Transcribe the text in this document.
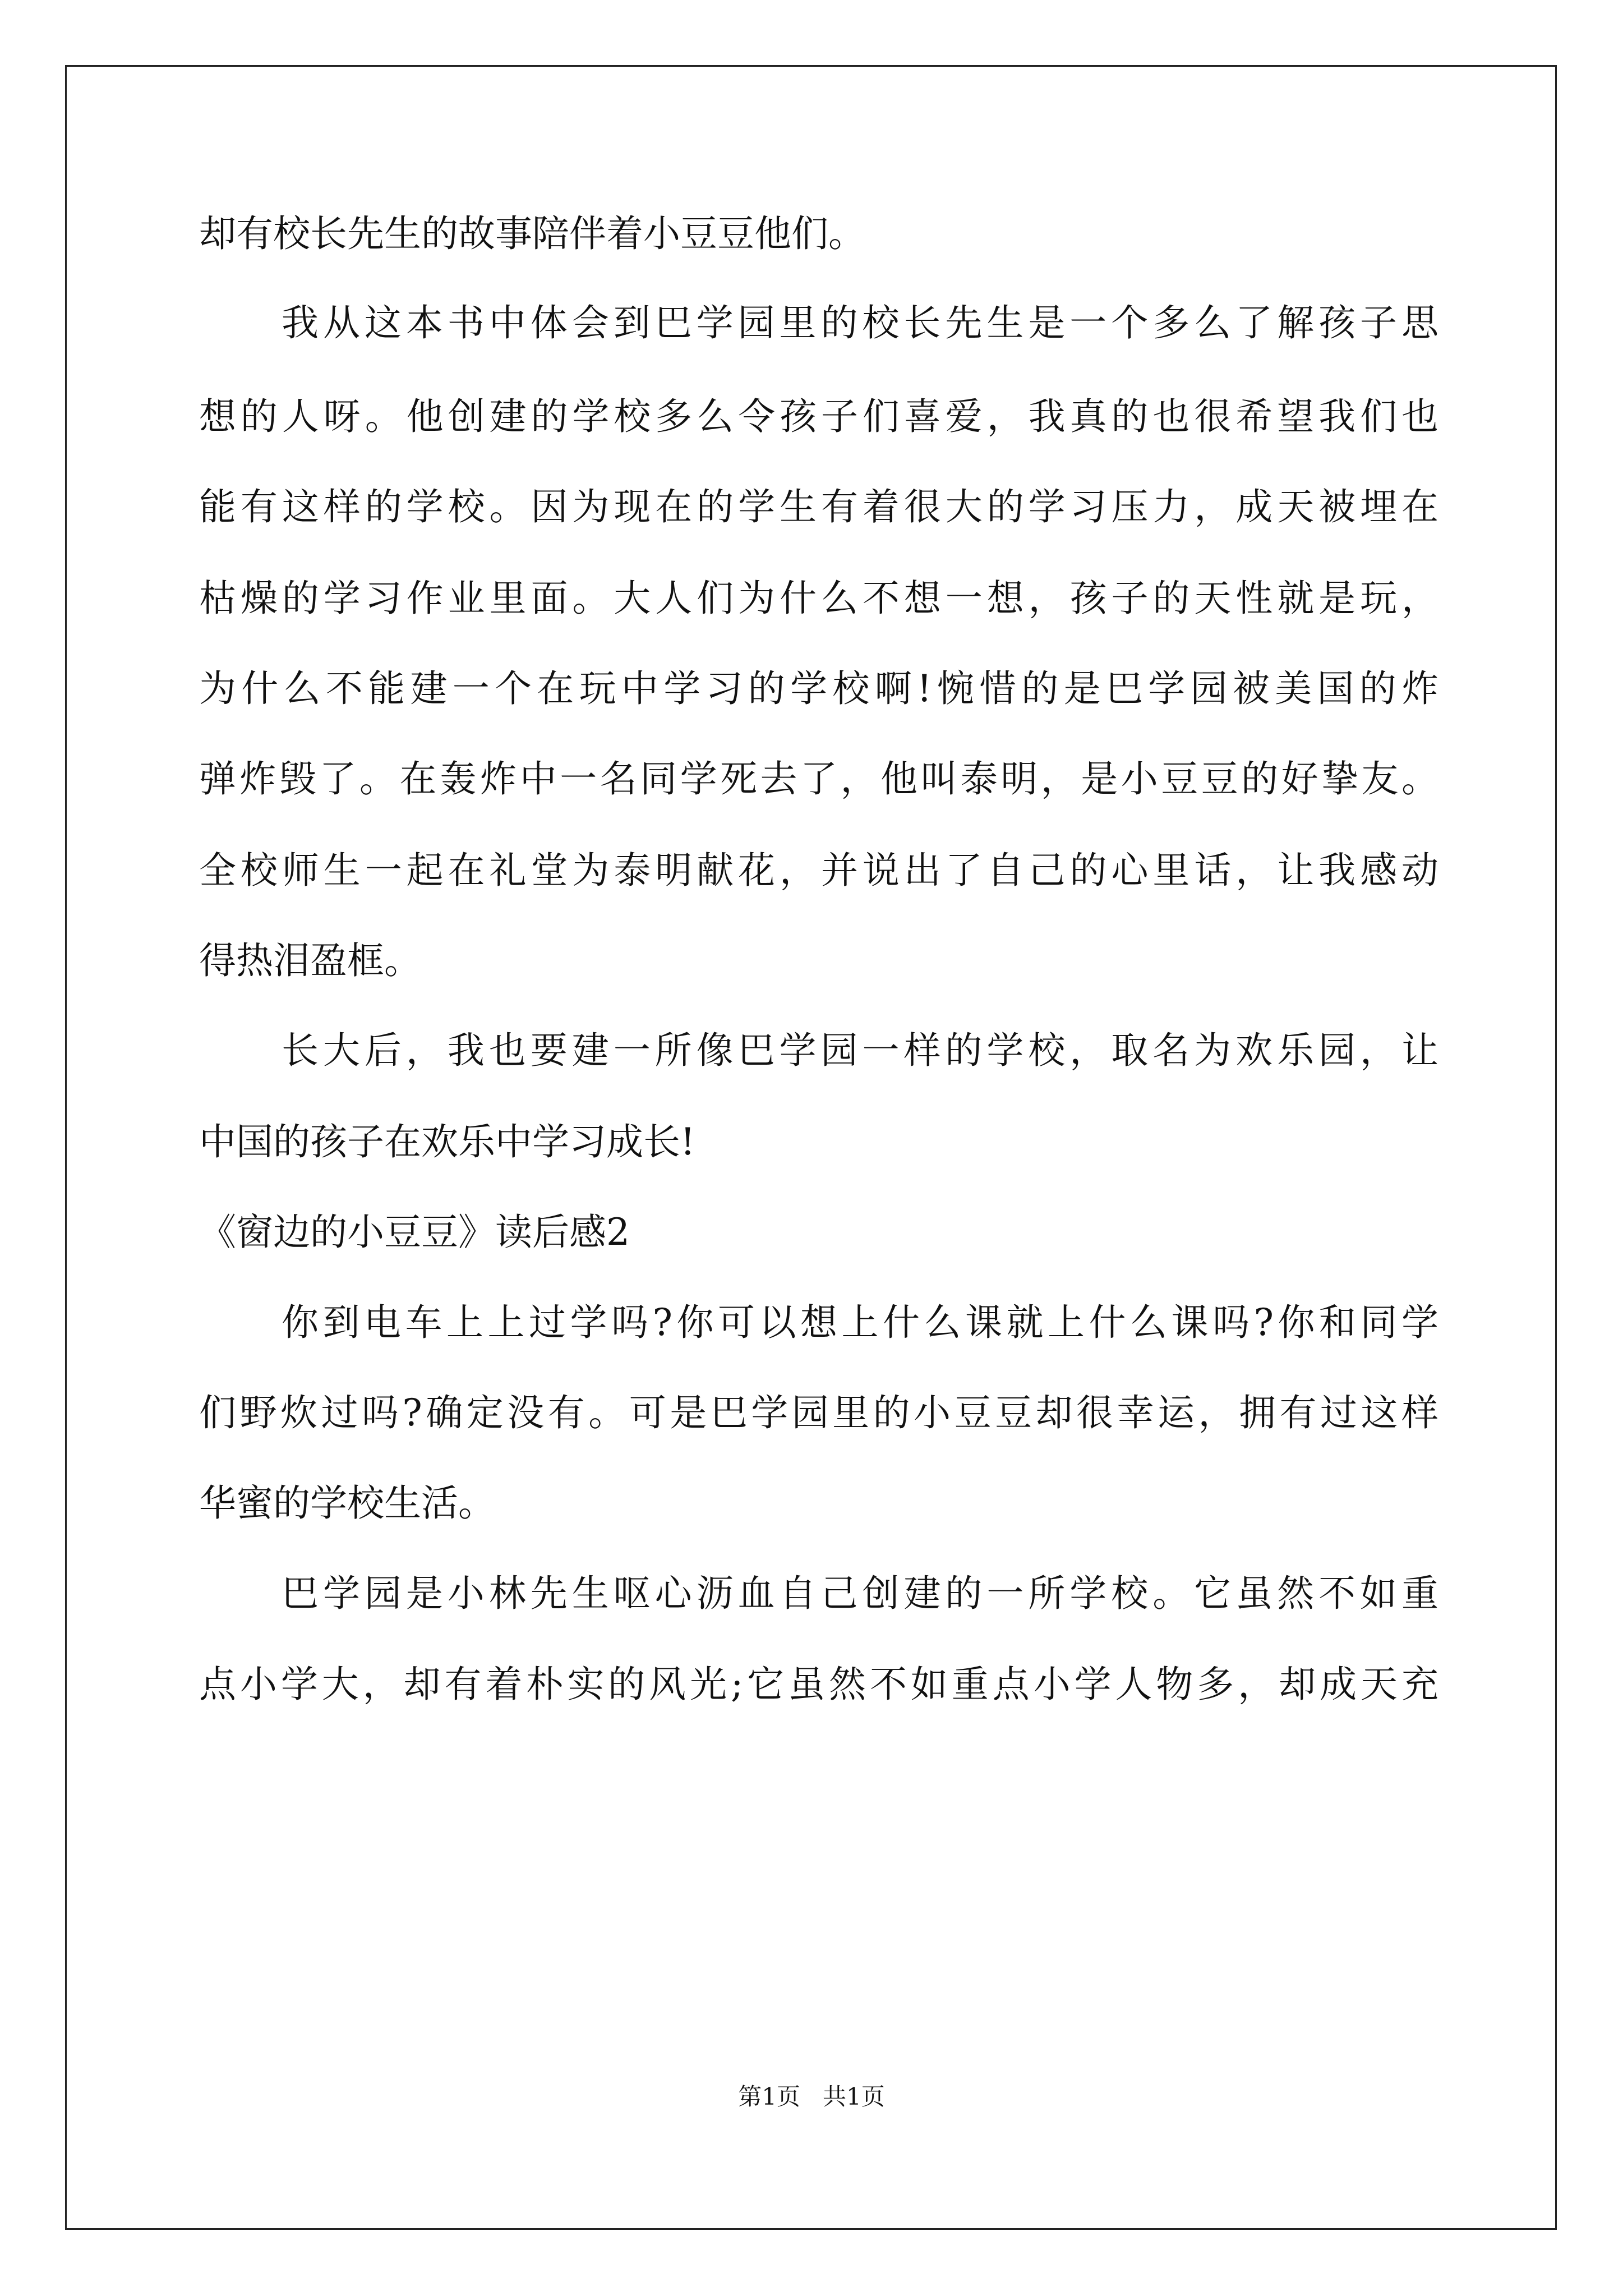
却有校长先生的故事陪伴着小豆豆他们。
我从这本书中体会到巴学园里的校长先生是一个多么了解孩子思
想的人呀。他创建的学校多么令孩子们喜爱，我真的也很希望我们也
能有这样的学校。因为现在的学生有着很大的学习压力，成天被埋在
枯燥的学习作业里面。大人们为什么不想一想，孩子的天性就是玩，
为什么不能建一个在玩中学习的学校啊!惋惜的是巴学园被美国的炸
弹炸毁了。在轰炸中一名同学死去了，他叫泰明，是小豆豆的好挚友。
全校师生一起在礼堂为泰明献花，并说出了自己的心里话，让我感动
得热泪盈框。
长大后，我也要建一所像巴学园一样的学校，取名为欢乐园，让
中国的孩子在欢乐中学习成长!
《窗边的小豆豆》读后感2
你到电车上上过学吗?你可以想上什么课就上什么课吗?你和同学
们野炊过吗?确定没有。可是巴学园里的小豆豆却很幸运，拥有过这样
华蜜的学校生活。
巴学园是小林先生呕心沥血自己创建的一所学校。它虽然不如重
点小学大，却有着朴实的风光;它虽然不如重点小学人物多，却成天充
第1页   共1页
